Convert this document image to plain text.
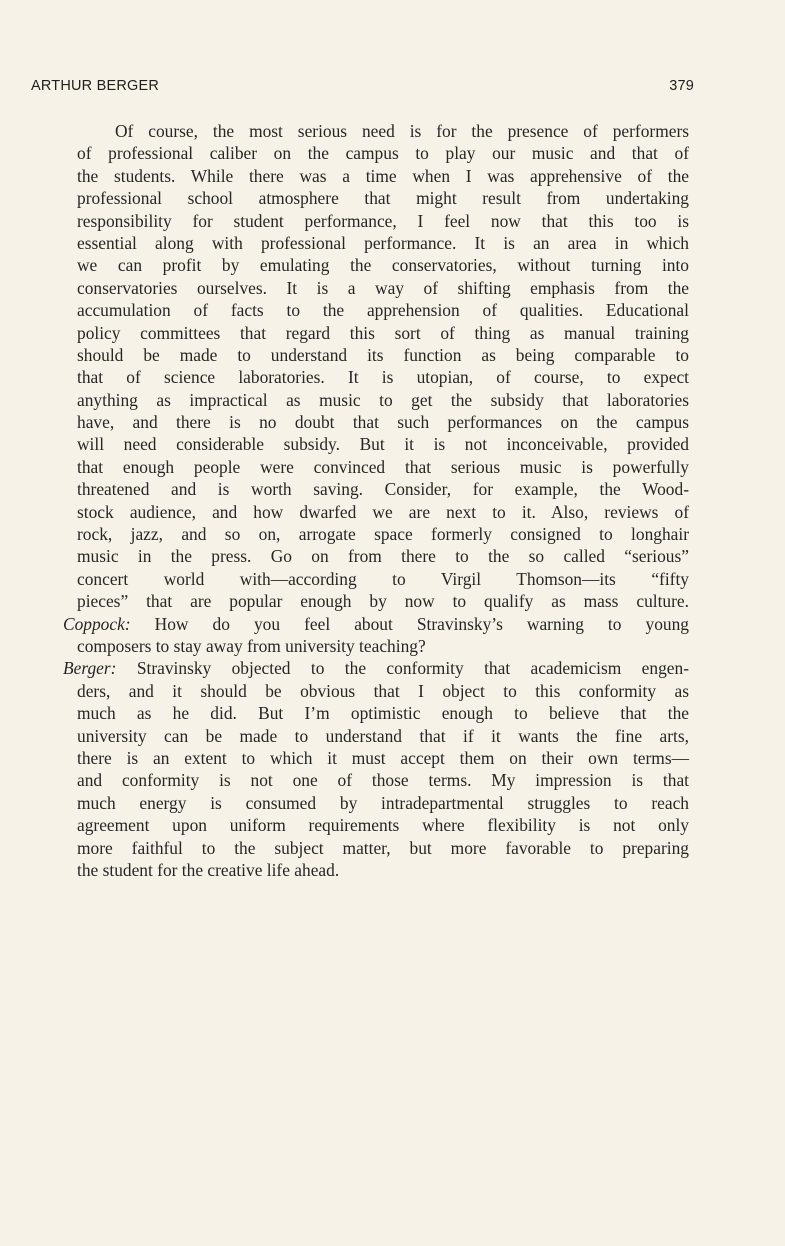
ARTHUR BERGER	379
Of course, the most serious need is for the presence of performers
of professional caliber on the campus to play our music and that of
the students. While there was a time when I was apprehensive of the
professional school atmosphere that might result from undertaking
responsibility for student performance, I feel now that this too is
essential along with professional performance. It is an area in which
we can profit by emulating the conservatories, without turning into
conservatories ourselves. It is a way of shifting emphasis from the
accumulation of facts to the apprehension of qualities. Educational
policy committees that regard this sort of thing as manual training
should be made to understand its function as being comparable to
that of science laboratories. It is utopian, of course, to expect
anything as impractical as music to get the subsidy that laboratories
have, and there is no doubt that such performances on the campus
will need considerable subsidy. But it is not inconceivable, provided
that enough people were convinced that serious music is powerfully
threatened and is worth saving. Consider, for example, the Wood-
stock audience, and how dwarfed we are next to it. Also, reviews of
rock, jazz, and so on, arrogate space formerly consigned to longhair
music in the press. Go on from there to the so called “serious”
concert world with—according to Virgil Thomson—its “fifty
pieces” that are popular enough by now to qualify as mass culture.
Coppock: How do you feel about Stravinsky’s warning to young
composers to stay away from university teaching?
Berger: Stravinsky objected to the conformity that academicism engen-
ders, and it should be obvious that I object to this conformity as
much as he did. But I’m optimistic enough to believe that the
university can be made to understand that if it wants the fine arts,
there is an extent to which it must accept them on their own terms—
and conformity is not one of those terms. My impression is that
much energy is consumed by intradepartmental struggles to reach
agreement upon uniform requirements where flexibility is not only
more faithful to the subject matter, but more favorable to preparing
the student for the creative life ahead.
